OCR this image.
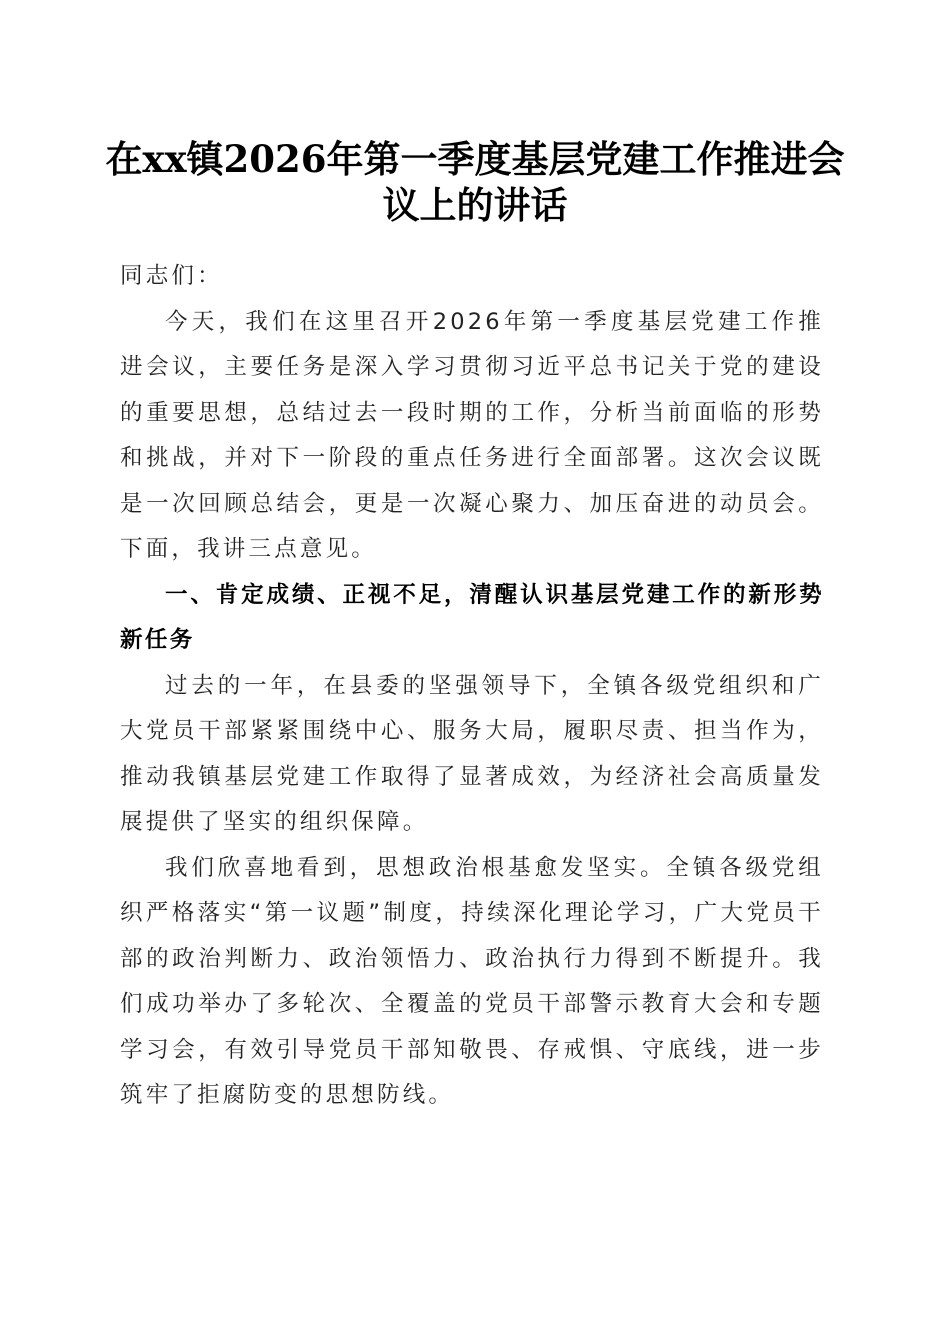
在xx镇2026年第一季度基层党建工作推进会议上的讲话

同志们：

今天，我们在这里召开2026年第一季度基层党建工作推进会议，主要任务是深入学习贯彻习近平总书记关于党的建设的重要思想，总结过去一段时期的工作，分析当前面临的形势和挑战，并对下一阶段的重点任务进行全面部署。这次会议既是一次回顾总结会，更是一次凝心聚力、加压奋进的动员会。下面，我讲三点意见。

一、肯定成绩、正视不足，清醒认识基层党建工作的新形势新任务

过去的一年，在县委的坚强领导下，全镇各级党组织和广大党员干部紧紧围绕中心、服务大局，履职尽责、担当作为，推动我镇基层党建工作取得了显著成效，为经济社会高质量发展提供了坚实的组织保障。

我们欣喜地看到，思想政治根基愈发坚实。全镇各级党组织严格落实“第一议题”制度，持续深化理论学习，广大党员干部的政治判断力、政治领悟力、政治执行力得到不断提升。我们成功举办了多轮次、全覆盖的党员干部警示教育大会和专题学习会，有效引导党员干部知敬畏、存戒惧、守底线，进一步筑牢了拒腐防变的思想防线。
